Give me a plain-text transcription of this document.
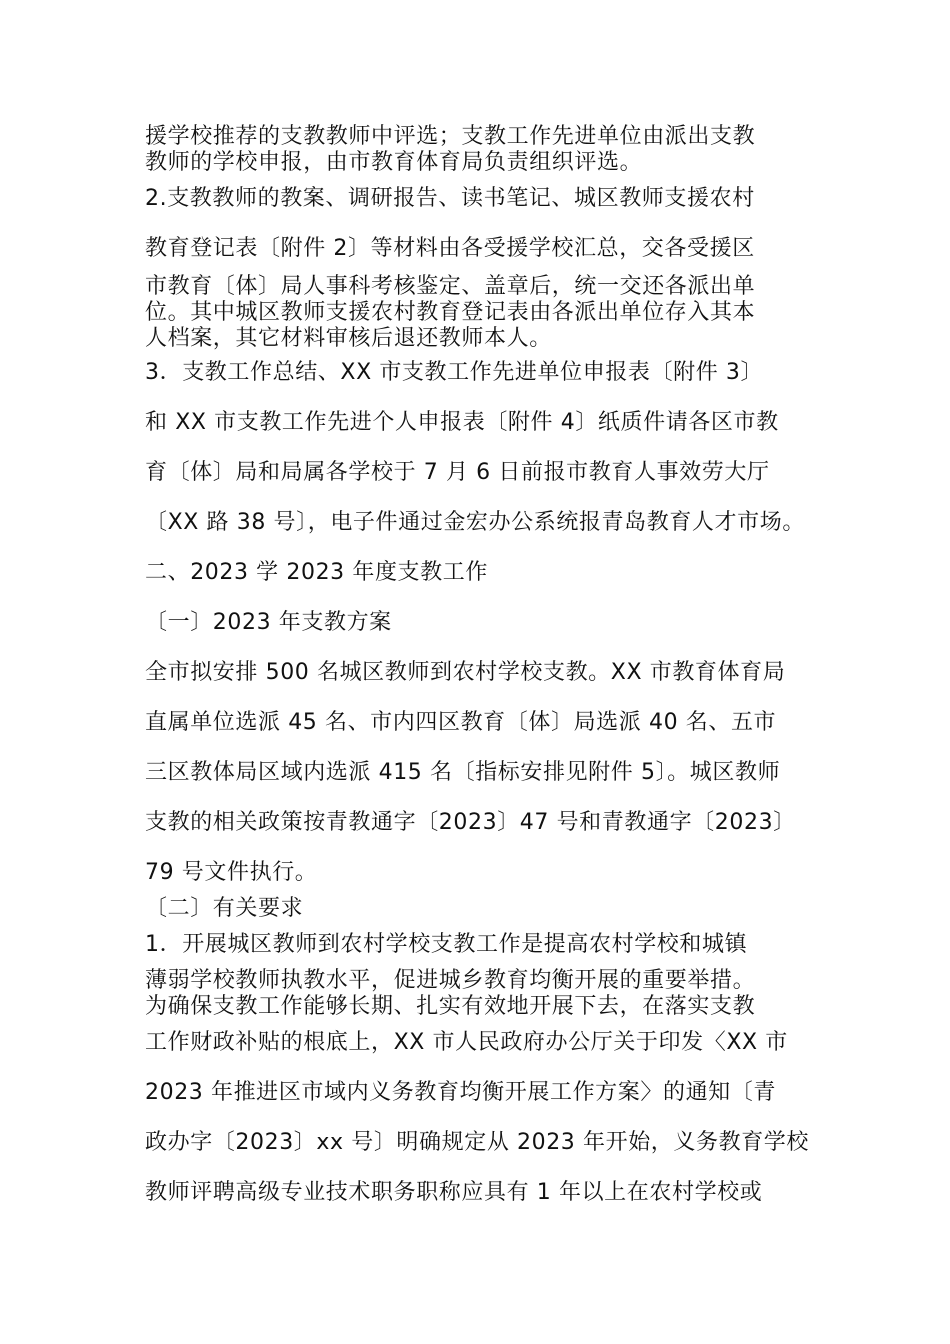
援学校推荐的支教教师中评选；支教工作先进单位由派出支教
教师的学校申报，由市教育体育局负责组织评选。
2.支教教师的教案、调研报告、读书笔记、城区教师支援农村
教育登记表〔附件 2〕等材料由各受援学校汇总，交各受援区
市教育〔体〕局人事科考核鉴定、盖章后，统一交还各派出单
位。其中城区教师支援农村教育登记表由各派出单位存入其本
人档案，其它材料审核后退还教师本人。
3．支教工作总结、XX 市支教工作先进单位申报表〔附件 3〕
和 XX 市支教工作先进个人申报表〔附件 4〕纸质件请各区市教
育〔体〕局和局属各学校于 7 月 6 日前报市教育人事效劳大厅
〔XX 路 38 号〕，电子件通过金宏办公系统报青岛教育人才市场。
二、2023 学 2023 年度支教工作
〔一〕2023 年支教方案
全市拟安排 500 名城区教师到农村学校支教。XX 市教育体育局
直属单位选派 45 名、市内四区教育〔体〕局选派 40 名、五市
三区教体局区域内选派 415 名〔指标安排见附件 5〕。城区教师
支教的相关政策按青教通字〔2023〕47 号和青教通字〔2023〕
79 号文件执行。
〔二〕有关要求
1．开展城区教师到农村学校支教工作是提高农村学校和城镇
薄弱学校教师执教水平，促进城乡教育均衡开展的重要举措。
为确保支教工作能够长期、扎实有效地开展下去，在落实支教
工作财政补贴的根底上，XX 市人民政府办公厅关于印发〈XX 市
2023 年推进区市域内义务教育均衡开展工作方案〉的通知〔青
政办字〔2023〕xx 号〕明确规定从 2023 年开始，义务教育学校
教师评聘高级专业技术职务职称应具有 1 年以上在农村学校或
